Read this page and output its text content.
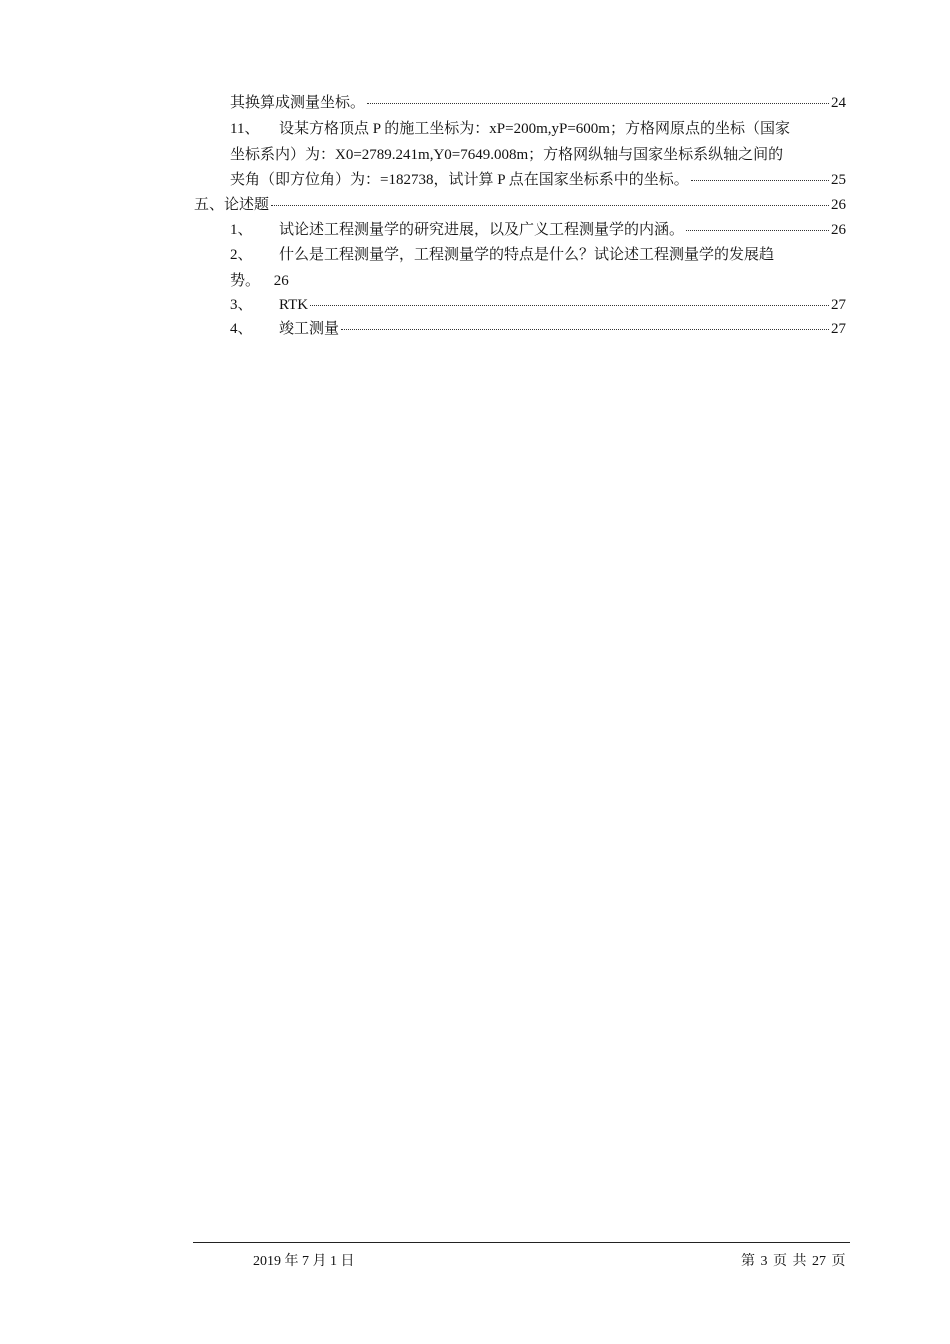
其换算成测量坐标。	24
11、 设某方格顶点 P 的施工坐标为：xP=200m,yP=600m；方格网原点的坐标（国家
坐标系内）为：X0=2789.241m,Y0=7649.008m；方格网纵轴与国家坐标系纵轴之间的
夹角（即方位角）为：=182738，试计算 P 点在国家坐标系中的坐标。	25
五、论述题	26
1、	试论述工程测量学的研究进展，以及广义工程测量学的内涵。	26
2、 什么是工程测量学，工程测量学的特点是什么？试论述工程测量学的发展趋
势。 26
3、	RTK	27
4、	竣工测量	27
2019 年 7 月 1 日	第 3 页 共 27 页
